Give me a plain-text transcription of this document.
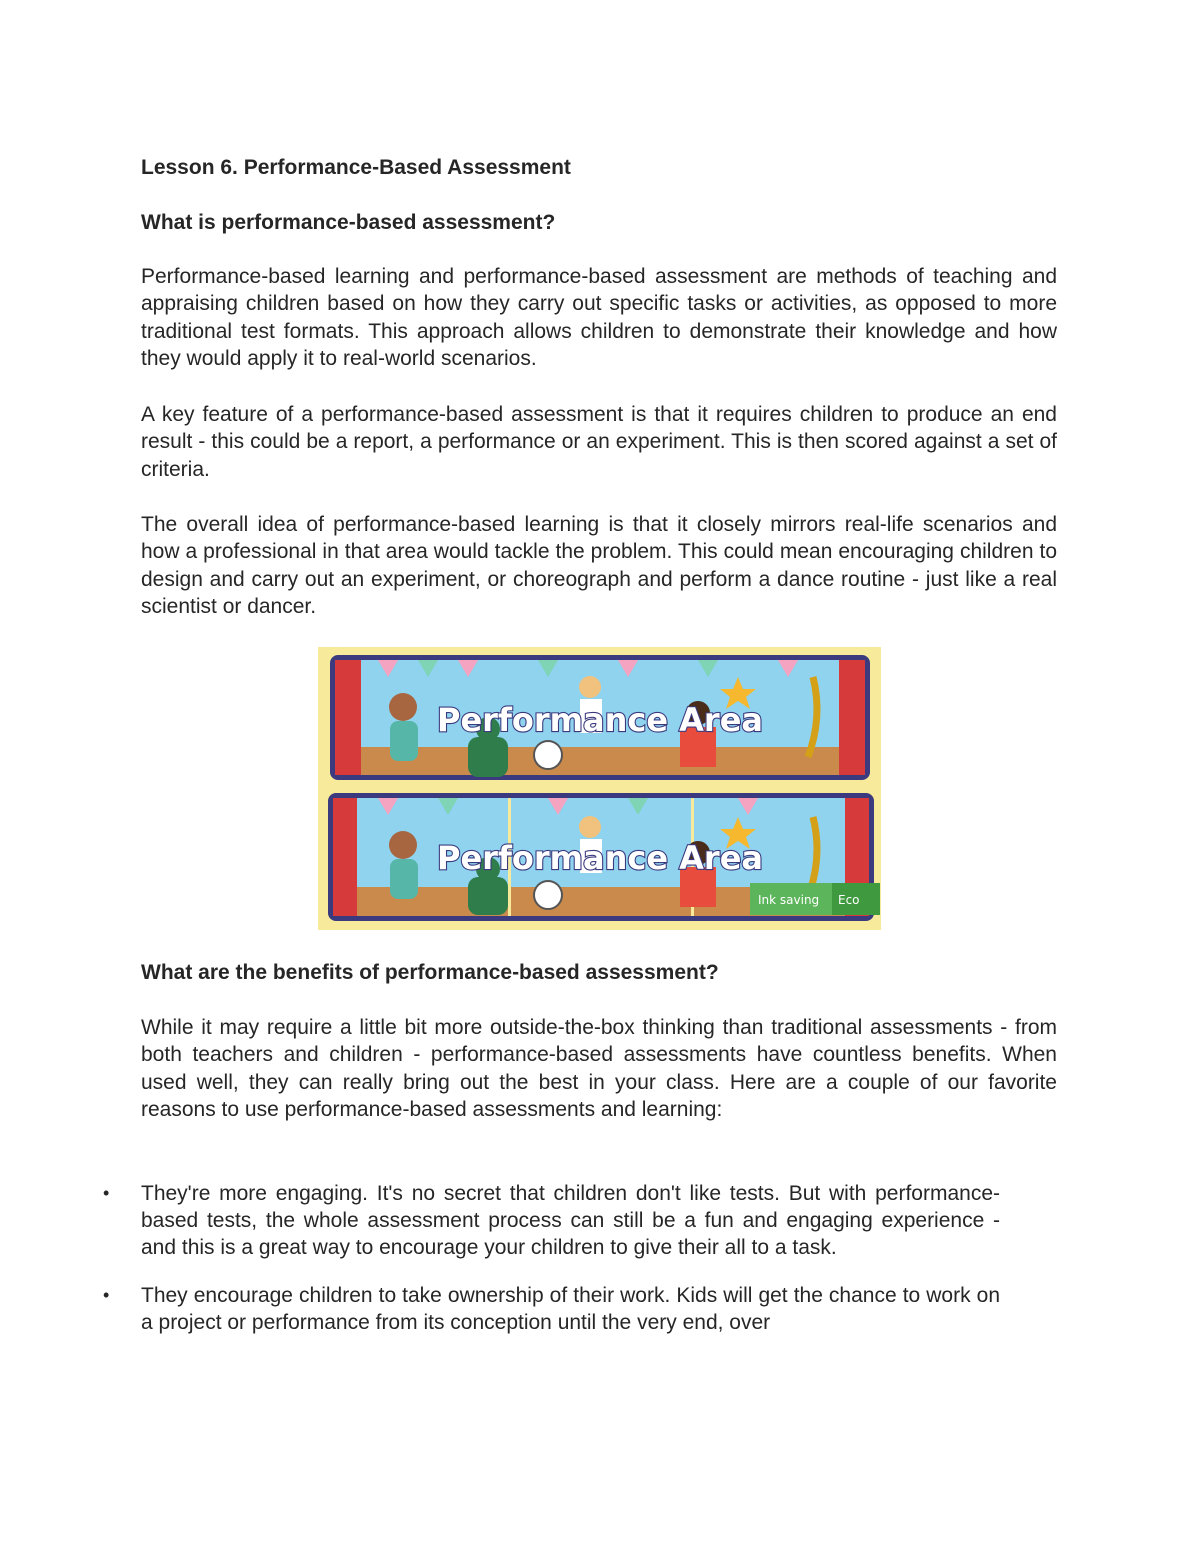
Lesson 6. Performance-Based Assessment

What is performance-based assessment?

Performance-based learning and performance-based assessment are methods of teaching and appraising children based on how they carry out specific tasks or activities, as opposed to more traditional test formats. This approach allows children to demonstrate their knowledge and how they would apply it to real-world scenarios.

A key feature of a performance-based assessment is that it requires children to produce an end result - this could be a report, a performance or an experiment. This is then scored against a set of criteria.

The overall idea of performance-based learning is that it closely mirrors real-life scenarios and how a professional in that area would tackle the problem. This could mean encouraging children to design and carry out an experiment, or choreograph and perform a dance routine - just like a real scientist or dancer.

Performance Area
Performance Area
Ink saving Eco

What are the benefits of performance-based assessment?

While it may require a little bit more outside-the-box thinking than traditional assessments - from both teachers and children - performance-based assessments have countless benefits. When used well, they can really bring out the best in your class. Here are a couple of our favorite reasons to use performance-based assessments and learning:

• They're more engaging. It's no secret that children don't like tests. But with performance-based tests, the whole assessment process can still be a fun and engaging experience - and this is a great way to encourage your children to give their all to a task.
• They encourage children to take ownership of their work. Kids will get the chance to work on a project or performance from its conception until the very end, over
